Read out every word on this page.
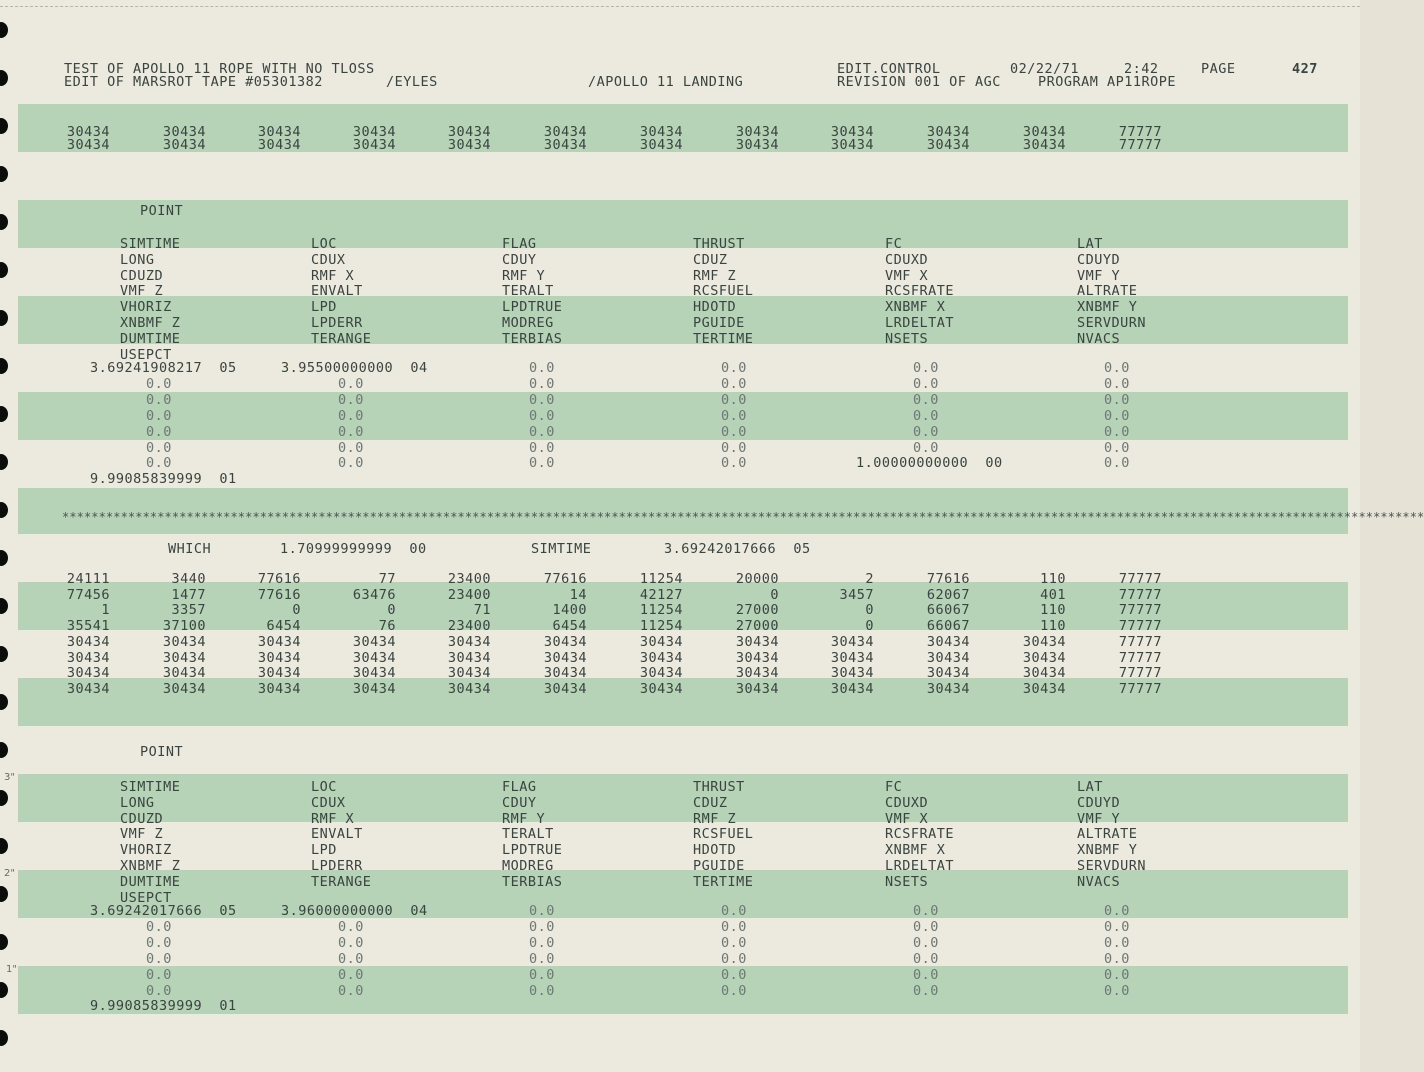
3"
2"
1"
TEST OF APOLLO 11 ROPE WITH NO TLOSS
EDIT OF MARSROT TAPE #05301382	/EYLES	/APOLLO 11 LANDING
EDIT.CONTROL	02/22/71	2:42	PAGE	427
REVISION 001 OF AGC	PROGRAM AP11ROPE
30434	30434	30434	30434	30434	30434	30434	30434	30434	30434	30434	77777
30434	30434	30434	30434	30434	30434	30434	30434	30434	30434	30434	77777
POINT
SIMTIME	LOC	FLAG	THRUST	FC	LAT
LONG	CDUX	CDUY	CDUZ	CDUXD	CDUYD
CDUZD	RMF X	RMF Y	RMF Z	VMF X	VMF Y
VMF Z	ENVALT	TERALT	RCSFUEL	RCSFRATE	ALTRATE
VHORIZ	LPD	LPDTRUE	HDOTD	XNBMF X	XNBMF Y
XNBMF Z	LPDERR	MODREG	PGUIDE	LRDELTAT	SERVDURN
DUMTIME	TERANGE	TERBIAS	TERTIME	NSETS	NVACS
USEPCT
3.69241908217  05	3.95500000000  04	0.0	0.0	0.0	0.0
0.0	0.0	0.0	0.0	0.0	0.0
0.0	0.0	0.0	0.0	0.0	0.0
0.0	0.0	0.0	0.0	0.0	0.0
0.0	0.0	0.0	0.0	0.0	0.0
0.0	0.0	0.0	0.0	0.0	0.0
0.0	0.0	0.0	0.0	1.00000000000  00	0.0
9.99085839999  01
******************************************************************************************************************************************************************************************
WHICH	1.70999999999  00	SIMTIME	3.69242017666  05
24111	3440	77616	77	23400	77616	11254	20000	2	77616	110	77777
77456	1477	77616	63476	23400	14	42127	0	3457	62067	401	77777
1	3357	0	0	71	1400	11254	27000	0	66067	110	77777
35541	37100	6454	76	23400	6454	11254	27000	0	66067	110	77777
30434	30434	30434	30434	30434	30434	30434	30434	30434	30434	30434	77777
30434	30434	30434	30434	30434	30434	30434	30434	30434	30434	30434	77777
30434	30434	30434	30434	30434	30434	30434	30434	30434	30434	30434	77777
30434	30434	30434	30434	30434	30434	30434	30434	30434	30434	30434	77777
POINT
SIMTIME	LOC	FLAG	THRUST	FC	LAT
LONG	CDUX	CDUY	CDUZ	CDUXD	CDUYD
CDUZD	RMF X	RMF Y	RMF Z	VMF X	VMF Y
VMF Z	ENVALT	TERALT	RCSFUEL	RCSFRATE	ALTRATE
VHORIZ	LPD	LPDTRUE	HDOTD	XNBMF X	XNBMF Y
XNBMF Z	LPDERR	MODREG	PGUIDE	LRDELTAT	SERVDURN
DUMTIME	TERANGE	TERBIAS	TERTIME	NSETS	NVACS
USEPCT
3.69242017666  05	3.96000000000  04	0.0	0.0	0.0	0.0
0.0	0.0	0.0	0.0	0.0	0.0
0.0	0.0	0.0	0.0	0.0	0.0
0.0	0.0	0.0	0.0	0.0	0.0
0.0	0.0	0.0	0.0	0.0	0.0
0.0	0.0	0.0	0.0	0.0	0.0
9.99085839999  01
